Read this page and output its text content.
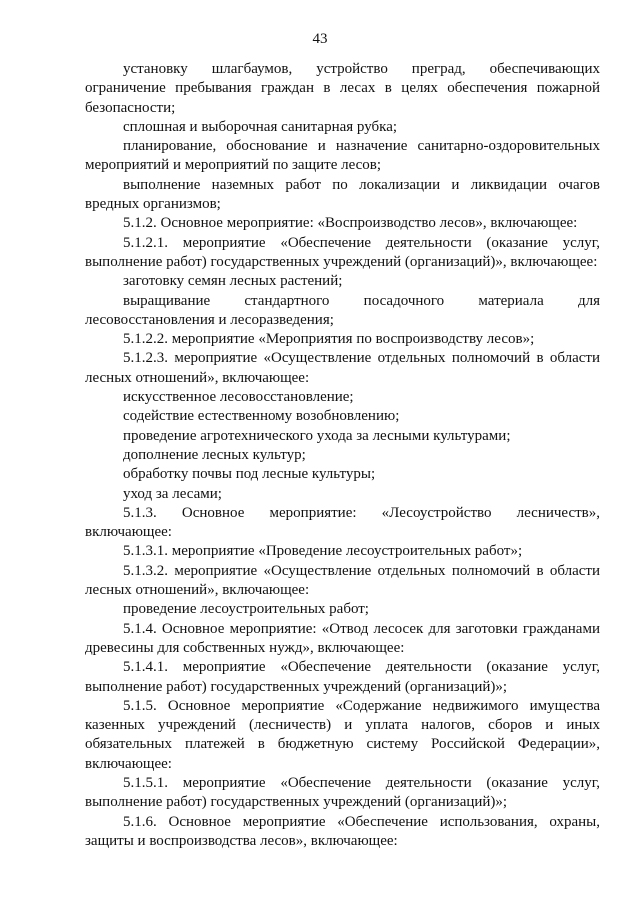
43

установку шлагбаумов, устройство преград, обеспечивающих ограничение пребывания граждан в лесах в целях обеспечения пожарной безопасности;

сплошная и выборочная санитарная рубка;

планирование, обоснование и назначение санитарно-оздоровительных мероприятий и мероприятий по защите лесов;

выполнение наземных работ по локализации и ликвидации очагов вредных организмов;

5.1.2. Основное мероприятие: «Воспроизводство лесов», включающее:

5.1.2.1. мероприятие «Обеспечение деятельности (оказание услуг, выполнение работ) государственных учреждений (организаций)», включающее:

заготовку семян лесных растений;

выращивание стандартного посадочного материала для лесовосстановления и лесоразведения;

5.1.2.2. мероприятие «Мероприятия по воспроизводству лесов»;

5.1.2.3. мероприятие «Осуществление отдельных полномочий в области лесных отношений», включающее:

искусственное лесовосстановление;

содействие естественному возобновлению;

проведение агротехнического ухода за лесными культурами;

дополнение лесных культур;

обработку почвы под лесные культуры;

уход за лесами;

5.1.3. Основное мероприятие: «Лесоустройство лесничеств», включающее:

5.1.3.1. мероприятие «Проведение лесоустроительных работ»;

5.1.3.2. мероприятие «Осуществление отдельных полномочий в области лесных отношений», включающее:

проведение лесоустроительных работ;

5.1.4. Основное мероприятие: «Отвод лесосек для заготовки гражданами древесины для собственных нужд», включающее:

5.1.4.1. мероприятие «Обеспечение деятельности (оказание услуг, выполнение работ) государственных учреждений (организаций)»;

5.1.5. Основное мероприятие «Содержание недвижимого имущества казенных учреждений (лесничеств) и уплата налогов, сборов и иных обязательных платежей в бюджетную систему Российской Федерации», включающее:

5.1.5.1. мероприятие «Обеспечение деятельности (оказание услуг, выполнение работ) государственных учреждений (организаций)»;

5.1.6. Основное мероприятие «Обеспечение использования, охраны, защиты и воспроизводства лесов», включающее:
